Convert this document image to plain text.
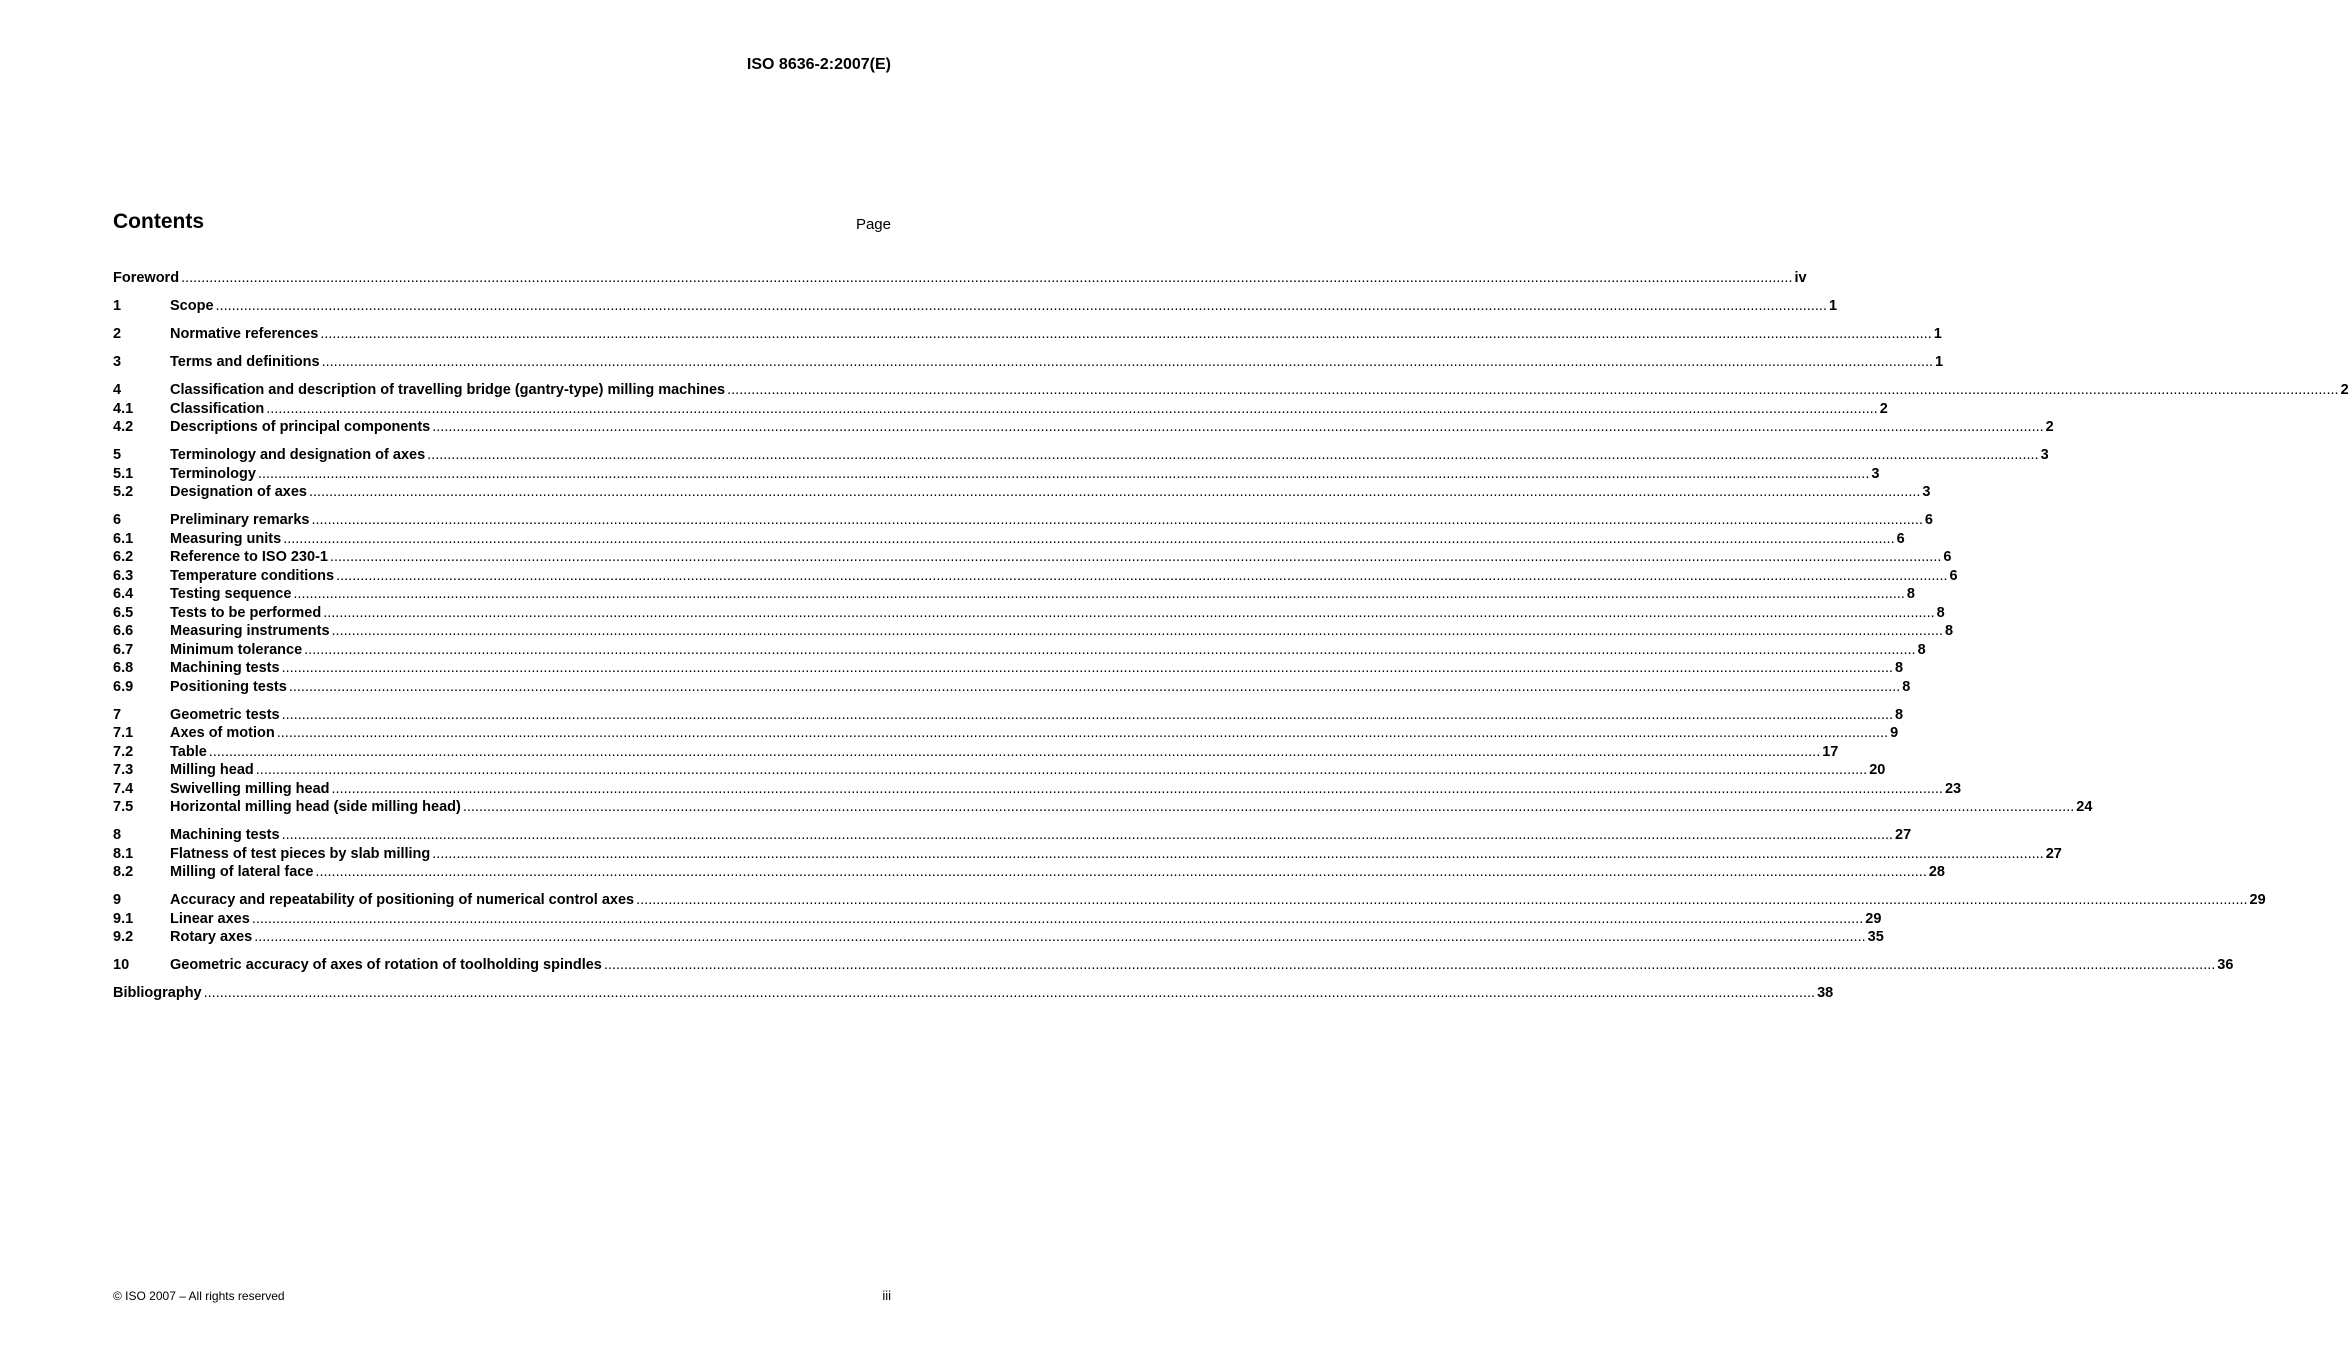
ISO 8636-2:2007(E)
Contents	Page
Foreword ................................................................................................................................................................................................................................................................................................................................................................................................................ iv
1	Scope ................................................................................................................................................................................................................................................................................................................................................................................................................ 1
2	Normative references ................................................................................................................................................................................................................................................................................................................................................................................................................ 1
3	Terms and definitions ................................................................................................................................................................................................................................................................................................................................................................................................................ 1
4	Classification and description of travelling bridge (gantry-type) milling machines ................................................................................................................................................................................................................................................................................................................................................................................................................ 2
4.1	Classification ................................................................................................................................................................................................................................................................................................................................................................................................................ 2
4.2	Descriptions of principal components ................................................................................................................................................................................................................................................................................................................................................................................................................ 2
5	Terminology and designation of axes ................................................................................................................................................................................................................................................................................................................................................................................................................ 3
5.1	Terminology ................................................................................................................................................................................................................................................................................................................................................................................................................ 3
5.2	Designation of axes ................................................................................................................................................................................................................................................................................................................................................................................................................ 3
6	Preliminary remarks ................................................................................................................................................................................................................................................................................................................................................................................................................ 6
6.1	Measuring units ................................................................................................................................................................................................................................................................................................................................................................................................................ 6
6.2	Reference to ISO 230-1 ................................................................................................................................................................................................................................................................................................................................................................................................................ 6
6.3	Temperature conditions ................................................................................................................................................................................................................................................................................................................................................................................................................ 6
6.4	Testing sequence ................................................................................................................................................................................................................................................................................................................................................................................................................ 8
6.5	Tests to be performed ................................................................................................................................................................................................................................................................................................................................................................................................................ 8
6.6	Measuring instruments ................................................................................................................................................................................................................................................................................................................................................................................................................ 8
6.7	Minimum tolerance ................................................................................................................................................................................................................................................................................................................................................................................................................ 8
6.8	Machining tests ................................................................................................................................................................................................................................................................................................................................................................................................................ 8
6.9	Positioning tests ................................................................................................................................................................................................................................................................................................................................................................................................................ 8
7	Geometric tests ................................................................................................................................................................................................................................................................................................................................................................................................................ 8
7.1	Axes of motion ................................................................................................................................................................................................................................................................................................................................................................................................................ 9
7.2	Table ................................................................................................................................................................................................................................................................................................................................................................................................................ 17
7.3	Milling head ................................................................................................................................................................................................................................................................................................................................................................................................................ 20
7.4	Swivelling milling head ................................................................................................................................................................................................................................................................................................................................................................................................................ 23
7.5	Horizontal milling head (side milling head) ................................................................................................................................................................................................................................................................................................................................................................................................................ 24
8	Machining tests ................................................................................................................................................................................................................................................................................................................................................................................................................ 27
8.1	Flatness of test pieces by slab milling ................................................................................................................................................................................................................................................................................................................................................................................................................ 27
8.2	Milling of lateral face ................................................................................................................................................................................................................................................................................................................................................................................................................ 28
9	Accuracy and repeatability of positioning of numerical control axes ................................................................................................................................................................................................................................................................................................................................................................................................................ 29
9.1	Linear axes ................................................................................................................................................................................................................................................................................................................................................................................................................ 29
9.2	Rotary axes ................................................................................................................................................................................................................................................................................................................................................................................................................ 35
10	Geometric accuracy of axes of rotation of toolholding spindles ................................................................................................................................................................................................................................................................................................................................................................................................................ 36
Bibliography ................................................................................................................................................................................................................................................................................................................................................................................................................ 38
© ISO 2007 – All rights reserved	iii
